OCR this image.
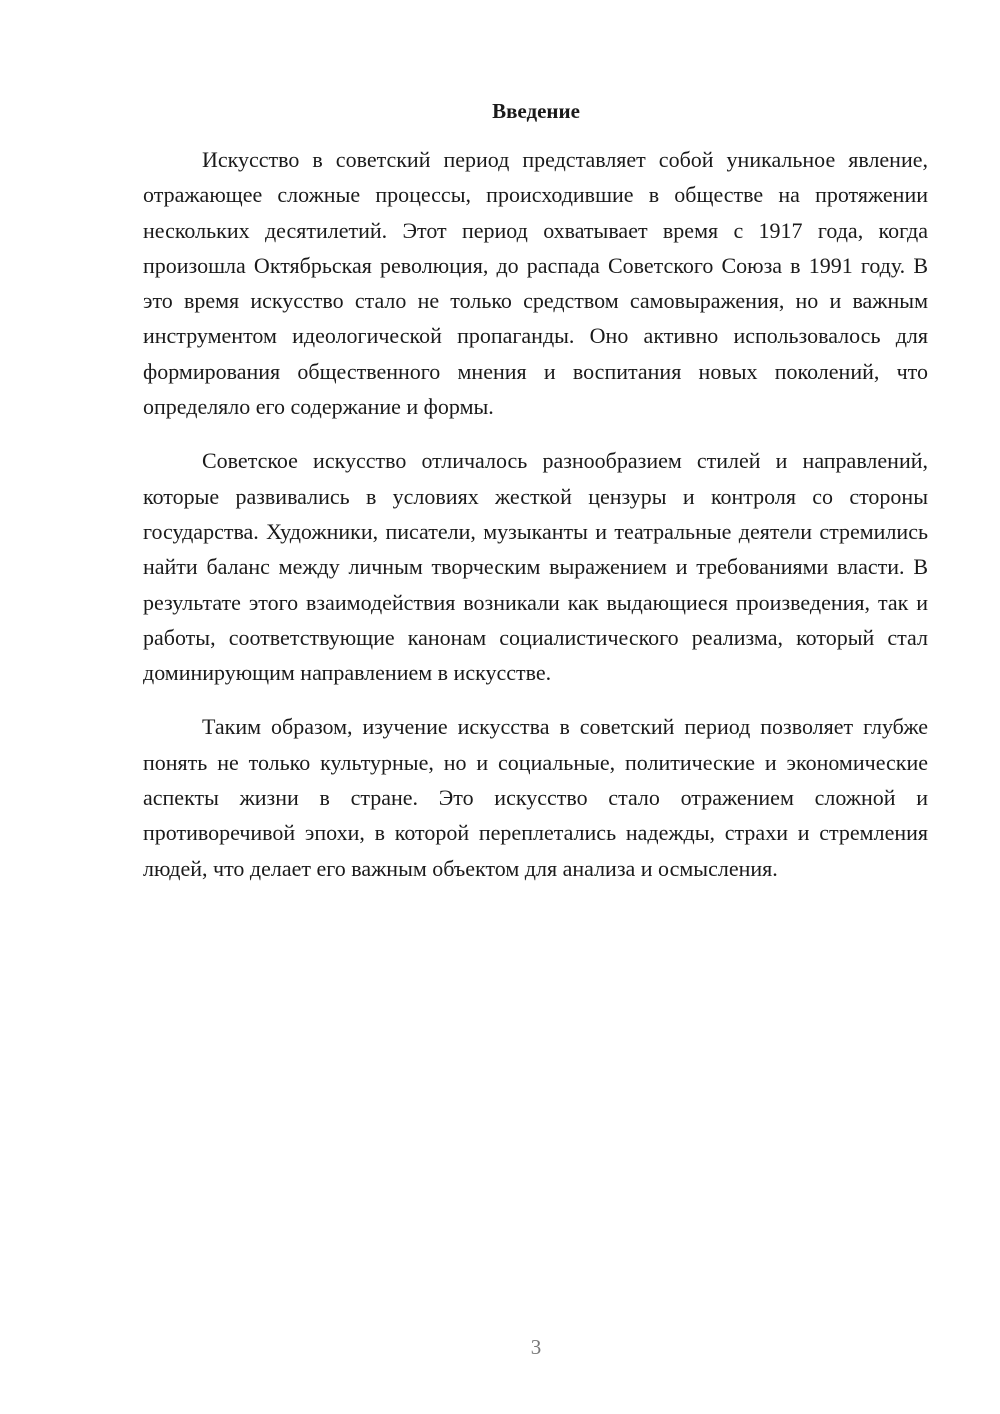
Введение

Искусство в советский период представляет собой уникальное явление, отражающее сложные процессы, происходившие в обществе на протяжении нескольких десятилетий. Этот период охватывает время с 1917 года, когда произошла Октябрьская революция, до распада Советского Союза в 1991 году. В это время искусство стало не только средством самовыражения, но и важным инструментом идеологической пропаганды. Оно активно использовалось для формирования общественного мнения и воспитания новых поколений, что определяло его содержание и формы.

Советское искусство отличалось разнообразием стилей и направлений, которые развивались в условиях жесткой цензуры и контроля со стороны государства. Художники, писатели, музыканты и театральные деятели стремились найти баланс между личным творческим выражением и требованиями власти. В результате этого взаимодействия возникали как выдающиеся произведения, так и работы, соответствующие канонам социалистического реализма, который стал доминирующим направлением в искусстве.

Таким образом, изучение искусства в советский период позволяет глубже понять не только культурные, но и социальные, политические и экономические аспекты жизни в стране. Это искусство стало отражением сложной и противоречивой эпохи, в которой переплетались надежды, страхи и стремления людей, что делает его важным объектом для анализа и осмысления.

3
